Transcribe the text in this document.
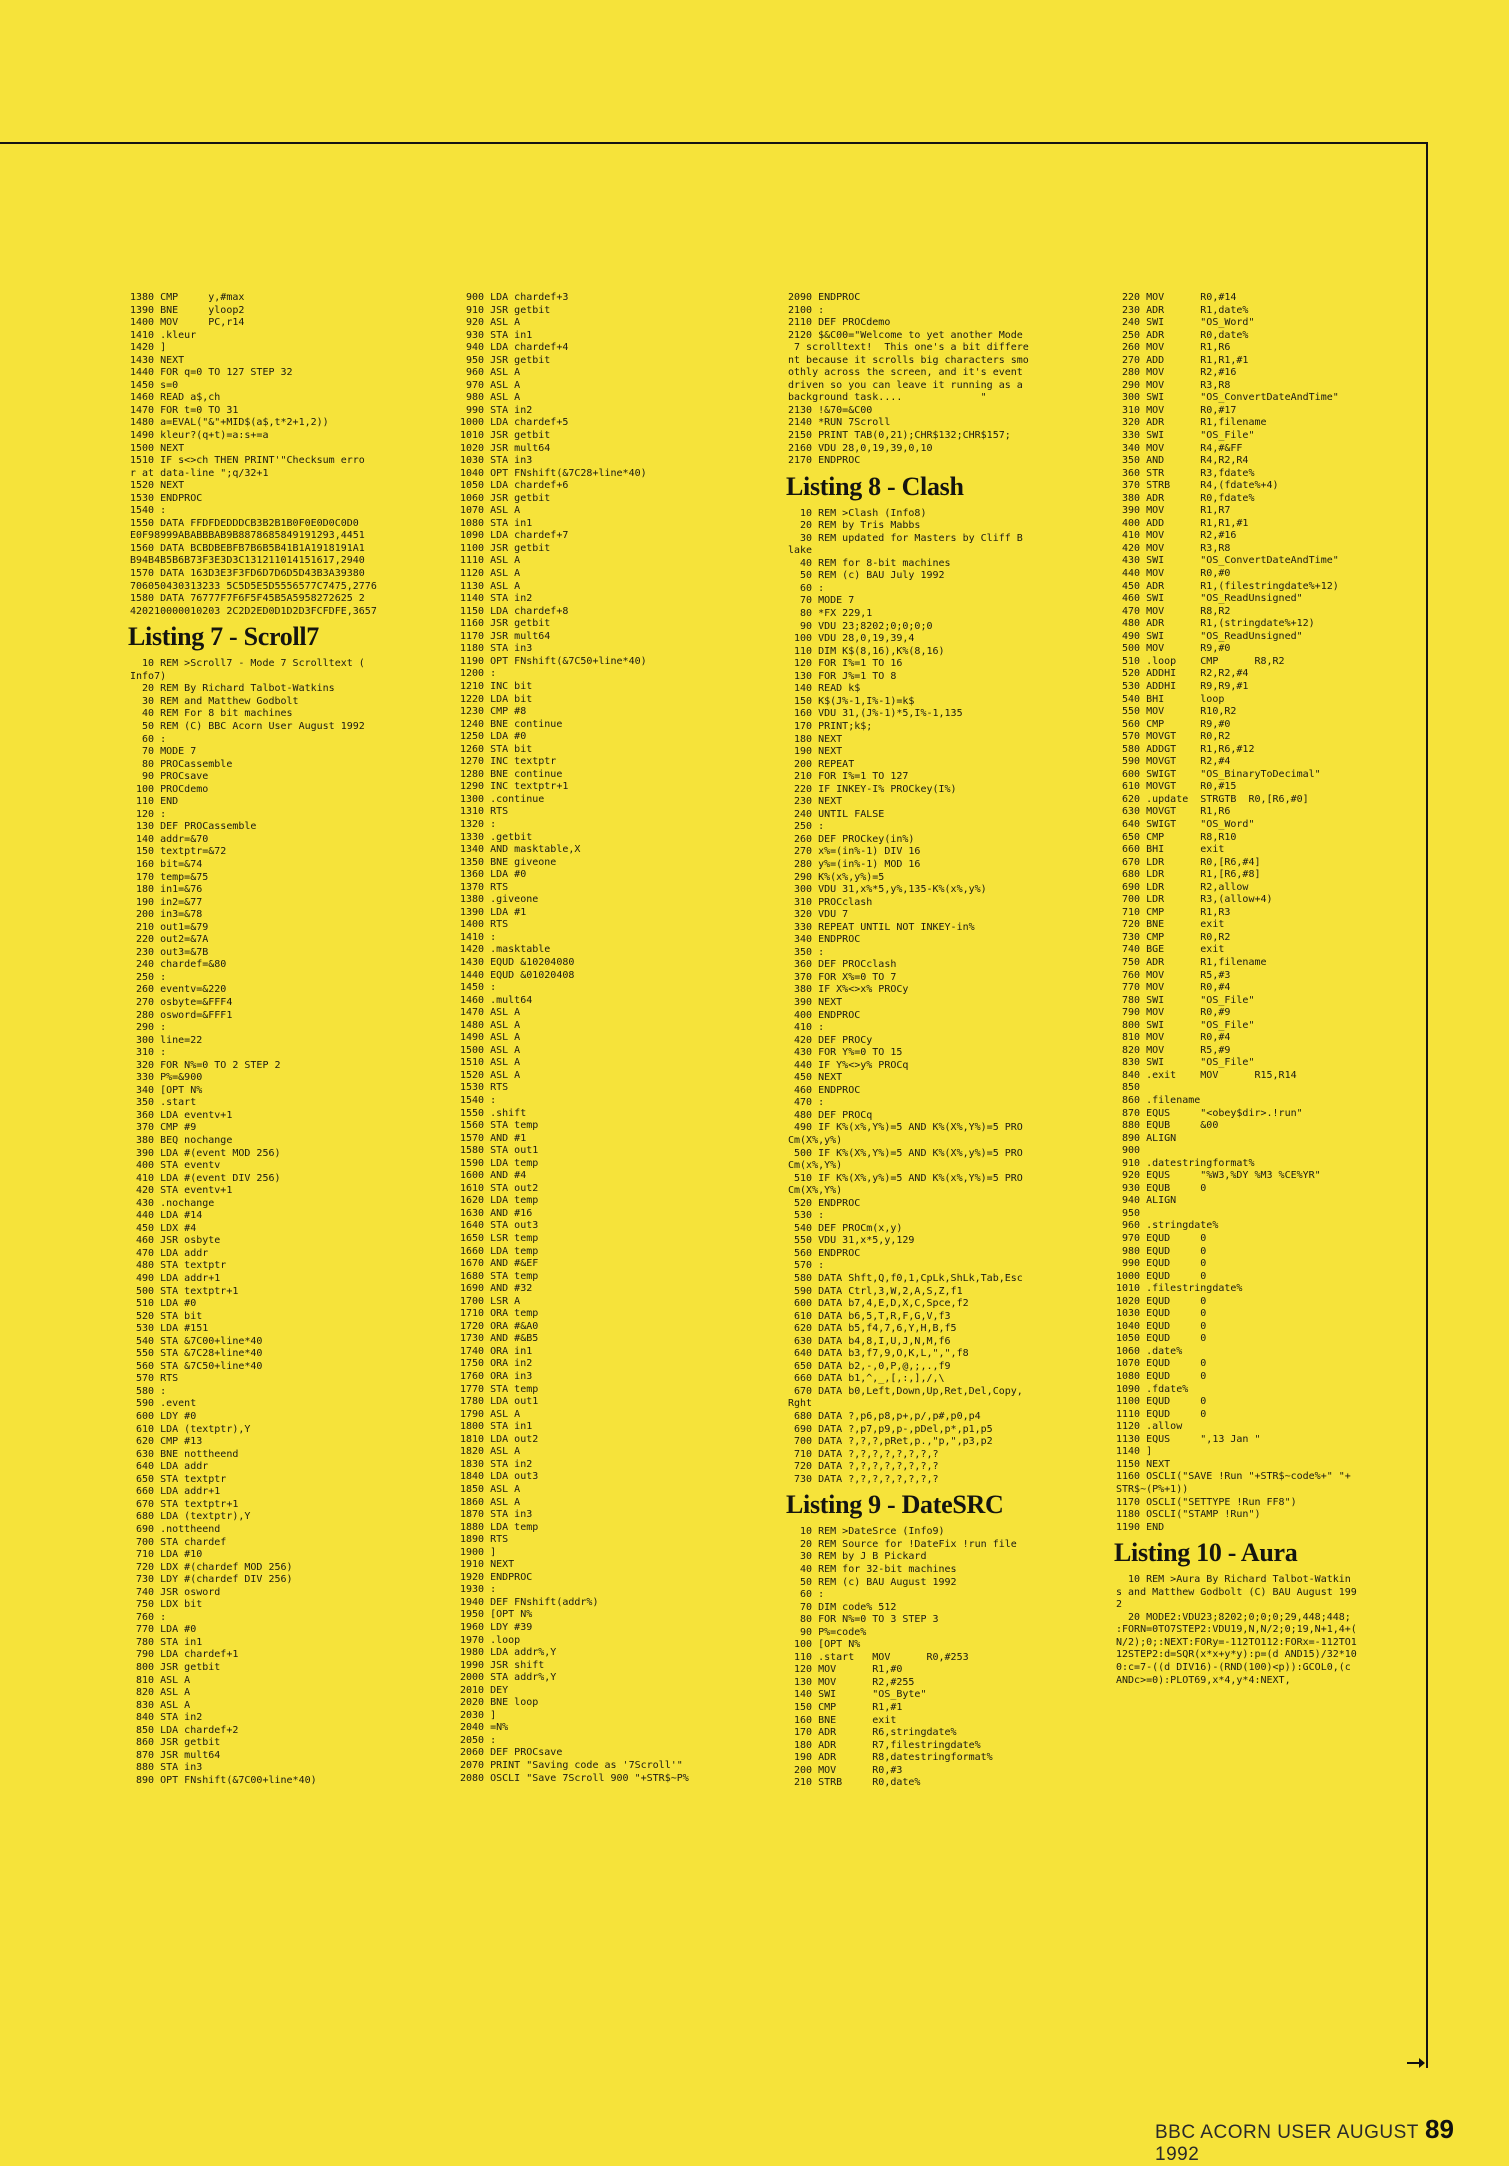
1380 CMP     y,#max
1390 BNE     yloop2
1400 MOV     PC,r14
1410 .kleur
1420 ]
1430 NEXT
1440 FOR q=0 TO 127 STEP 32
1450 s=0
1460 READ a$,ch
1470 FOR t=0 TO 31
1480 a=EVAL("&"+MID$(a$,t*2+1,2))
1490 kleur?(q+t)=a:s+=a
1500 NEXT
1510 IF s<>ch THEN PRINT'"Checksum erro
r at data-line ";q/32+1
1520 NEXT
1530 ENDPROC
1540 :
1550 DATA FFDFDEDDDCB3B2B1B0F0E0D0C0D0
E0F98999ABABBBAB9B8878685849191293,4451
1560 DATA BCBDBEBFB7B6B5B41B1A1918191A1
B94B4B5B6B73F3E3D3C131211014151617,2940
1570 DATA 163D3E3F3FD6D7D6D5D43B3A39380
706050430313233 5C5D5E5D5556577C7475,2776
1580 DATA 76777F7F6F5F45B5A5958272625 2
420210000010203 2C2D2ED0D1D2D3FCFDFE,3657
Listing 7 - Scroll7
10 REM >Scroll7 - Mode 7 Scrolltext (
Info7)
20 REM By Richard Talbot-Watkins
30 REM and Matthew Godbolt
40 REM For 8 bit machines
50 REM (C) BBC Acorn User August 1992
60 :
70 MODE 7
80 PROCassemble
90 PROCsave
100 PROCdemo
110 END
120 :
130 DEF PROCassemble
140 addr=&70
150 textptr=&72
160 bit=&74
170 temp=&75
180 in1=&76
190 in2=&77
200 in3=&78
210 out1=&79
220 out2=&7A
230 out3=&7B
240 chardef=&80
250 :
260 eventv=&220
270 osbyte=&FFF4
280 osword=&FFF1
290 :
300 line=22
310 :
320 FOR N%=0 TO 2 STEP 2
330 P%=&900
340 [OPT N%
350 .start
360 LDA eventv+1
370 CMP #9
380 BEQ nochange
390 LDA #(event MOD 256)
400 STA eventv
410 LDA #(event DIV 256)
420 STA eventv+1
430 .nochange
440 LDA #14
450 LDX #4
460 JSR osbyte
470 LDA addr
480 STA textptr
490 LDA addr+1
500 STA textptr+1
510 LDA #0
520 STA bit
530 LDA #151
540 STA &7C00+line*40
550 STA &7C28+line*40
560 STA &7C50+line*40
570 RTS
580 :
590 .event
600 LDY #0
610 LDA (textptr),Y
620 CMP #13
630 BNE nottheend
640 LDA addr
650 STA textptr
660 LDA addr+1
670 STA textptr+1
680 LDA (textptr),Y
690 .nottheend
700 STA chardef
710 LDA #10
720 LDX #(chardef MOD 256)
730 LDY #(chardef DIV 256)
740 JSR osword
750 LDX bit
760 :
770 LDA #0
780 STA in1
790 LDA chardef+1
800 JSR getbit
810 ASL A
820 ASL A
830 ASL A
840 STA in2
850 LDA chardef+2
860 JSR getbit
870 JSR mult64
880 STA in3
890 OPT FNshift(&7C00+line*40)
900 LDA chardef+3
910 JSR getbit
920 ASL A
930 STA in1
940 LDA chardef+4
950 JSR getbit
960 ASL A
970 ASL A
980 ASL A
990 STA in2
1000 LDA chardef+5
1010 JSR getbit
1020 JSR mult64
1030 STA in3
1040 OPT FNshift(&7C28+line*40)
1050 LDA chardef+6
1060 JSR getbit
1070 ASL A
1080 STA in1
1090 LDA chardef+7
1100 JSR getbit
1110 ASL A
1120 ASL A
1130 ASL A
1140 STA in2
1150 LDA chardef+8
1160 JSR getbit
1170 JSR mult64
1180 STA in3
1190 OPT FNshift(&7C50+line*40)
1200 :
1210 INC bit
1220 LDA bit
1230 CMP #8
1240 BNE continue
1250 LDA #0
1260 STA bit
1270 INC textptr
1280 BNE continue
1290 INC textptr+1
1300 .continue
1310 RTS
1320 :
1330 .getbit
1340 AND masktable,X
1350 BNE giveone
1360 LDA #0
1370 RTS
1380 .giveone
1390 LDA #1
1400 RTS
1410 :
1420 .masktable
1430 EQUD &10204080
1440 EQUD &01020408
1450 :
1460 .mult64
1470 ASL A
1480 ASL A
1490 ASL A
1500 ASL A
1510 ASL A
1520 ASL A
1530 RTS
1540 :
1550 .shift
1560 STA temp
1570 AND #1
1580 STA out1
1590 LDA temp
1600 AND #4
1610 STA out2
1620 LDA temp
1630 AND #16
1640 STA out3
1650 LSR temp
1660 LDA temp
1670 AND #&EF
1680 STA temp
1690 AND #32
1700 LSR A
1710 ORA temp
1720 ORA #&A0
1730 AND #&B5
1740 ORA in1
1750 ORA in2
1760 ORA in3
1770 STA temp
1780 LDA out1
1790 ASL A
1800 STA in1
1810 LDA out2
1820 ASL A
1830 STA in2
1840 LDA out3
1850 ASL A
1860 ASL A
1870 STA in3
1880 LDA temp
1890 RTS
1900 ]
1910 NEXT
1920 ENDPROC
1930 :
1940 DEF FNshift(addr%)
1950 [OPT N%
1960 LDY #39
1970 .loop
1980 LDA addr%,Y
1990 JSR shift
2000 STA addr%,Y
2010 DEY
2020 BNE loop
2030 ]
2040 =N%
2050 :
2060 DEF PROCsave
2070 PRINT "Saving code as '7Scroll'"
2080 OSCLI "Save 7Scroll 900 "+STR$~P%
2090 ENDPROC
2100 :
2110 DEF PROCdemo
2120 $&C00="Welcome to yet another Mode
7 scrolltext!  This one's a bit differe
nt because it scrolls big characters smo
othly across the screen, and it's event
driven so you can leave it running as a
background task....             "
2130 !&70=&C00
2140 *RUN 7Scroll
2150 PRINT TAB(0,21);CHR$132;CHR$157;
2160 VDU 28,0,19,39,0,10
2170 ENDPROC
Listing 8 - Clash
10 REM >Clash (Info8)
20 REM by Tris Mabbs
30 REM updated for Masters by Cliff B
lake
40 REM for 8-bit machines
50 REM (c) BAU July 1992
60 :
70 MODE 7
80 *FX 229,1
90 VDU 23;8202;0;0;0;0
100 VDU 28,0,19,39,4
110 DIM K$(8,16),K%(8,16)
120 FOR I%=1 TO 16
130 FOR J%=1 TO 8
140 READ k$
150 K$(J%-1,I%-1)=k$
160 VDU 31,(J%-1)*5,I%-1,135
170 PRINT;k$;
180 NEXT
190 NEXT
200 REPEAT
210 FOR I%=1 TO 127
220 IF INKEY-I% PROCkey(I%)
230 NEXT
240 UNTIL FALSE
250 :
260 DEF PROCkey(in%)
270 x%=(in%-1) DIV 16
280 y%=(in%-1) MOD 16
290 K%(x%,y%)=5
300 VDU 31,x%*5,y%,135-K%(x%,y%)
310 PROCclash
320 VDU 7
330 REPEAT UNTIL NOT INKEY-in%
340 ENDPROC
350 :
360 DEF PROCclash
370 FOR X%=0 TO 7
380 IF X%<>x% PROCy
390 NEXT
400 ENDPROC
410 :
420 DEF PROCy
430 FOR Y%=0 TO 15
440 IF Y%<>y% PROCq
450 NEXT
460 ENDPROC
470 :
480 DEF PROCq
490 IF K%(x%,Y%)=5 AND K%(X%,Y%)=5 PRO
Cm(X%,y%)
500 IF K%(X%,Y%)=5 AND K%(X%,y%)=5 PRO
Cm(x%,Y%)
510 IF K%(X%,y%)=5 AND K%(x%,Y%)=5 PRO
Cm(X%,Y%)
520 ENDPROC
530 :
540 DEF PROCm(x,y)
550 VDU 31,x*5,y,129
560 ENDPROC
570 :
580 DATA Shft,Q,f0,1,CpLk,ShLk,Tab,Esc
590 DATA Ctrl,3,W,2,A,S,Z,f1
600 DATA b7,4,E,D,X,C,Spce,f2
610 DATA b6,5,T,R,F,G,V,f3
620 DATA b5,f4,7,6,Y,H,B,f5
630 DATA b4,8,I,U,J,N,M,f6
640 DATA b3,f7,9,O,K,L,",",f8
650 DATA b2,-,0,P,@,;,.,f9
660 DATA b1,^,_,[,:,],/,\
670 DATA b0,Left,Down,Up,Ret,Del,Copy,
Rght
680 DATA ?,p6,p8,p+,p/,p#,p0,p4
690 DATA ?,p7,p9,p-,pDel,p*,p1,p5
700 DATA ?,?,?,pRet,p.,"p,",p3,p2
710 DATA ?,?,?,?,?,?,?,?
720 DATA ?,?,?,?,?,?,?,?
730 DATA ?,?,?,?,?,?,?,?
Listing 9 - DateSRC
10 REM >DateSrce (Info9)
20 REM Source for !DateFix !run file
30 REM by J B Pickard
40 REM for 32-bit machines
50 REM (c) BAU August 1992
60 :
70 DIM code% 512
80 FOR N%=0 TO 3 STEP 3
90 P%=code%
100 [OPT N%
110 .start   MOV      R0,#253
120 MOV      R1,#0
130 MOV      R2,#255
140 SWI      "OS_Byte"
150 CMP      R1,#1
160 BNE      exit
170 ADR      R6,stringdate%
180 ADR      R7,filestringdate%
190 ADR      R8,datestringformat%
200 MOV      R0,#3
210 STRB     R0,date%
220 MOV      R0,#14
230 ADR      R1,date%
240 SWI      "OS_Word"
250 ADR      R0,date%
260 MOV      R1,R6
270 ADD      R1,R1,#1
280 MOV      R2,#16
290 MOV      R3,R8
300 SWI      "OS_ConvertDateAndTime"
310 MOV      R0,#17
320 ADR      R1,filename
330 SWI      "OS_File"
340 MOV      R4,#&FF
350 AND      R4,R2,R4
360 STR      R3,fdate%
370 STRB     R4,(fdate%+4)
380 ADR      R0,fdate%
390 MOV      R1,R7
400 ADD      R1,R1,#1
410 MOV      R2,#16
420 MOV      R3,R8
430 SWI      "OS_ConvertDateAndTime"
440 MOV      R0,#0
450 ADR      R1,(filestringdate%+12)
460 SWI      "OS_ReadUnsigned"
470 MOV      R8,R2
480 ADR      R1,(stringdate%+12)
490 SWI      "OS_ReadUnsigned"
500 MOV      R9,#0
510 .loop    CMP      R8,R2
520 ADDHI    R2,R2,#4
530 ADDHI    R9,R9,#1
540 BHI      loop
550 MOV      R10,R2
560 CMP      R9,#0
570 MOVGT    R0,R2
580 ADDGT    R1,R6,#12
590 MOVGT    R2,#4
600 SWIGT    "OS_BinaryToDecimal"
610 MOVGT    R0,#15
620 .update  STRGTB  R0,[R6,#0]
630 MOVGT    R1,R6
640 SWIGT    "OS_Word"
650 CMP      R8,R10
660 BHI      exit
670 LDR      R0,[R6,#4]
680 LDR      R1,[R6,#8]
690 LDR      R2,allow
700 LDR      R3,(allow+4)
710 CMP      R1,R3
720 BNE      exit
730 CMP      R0,R2
740 BGE      exit
750 ADR      R1,filename
760 MOV      R5,#3
770 MOV      R0,#4
780 SWI      "OS_File"
790 MOV      R0,#9
800 SWI      "OS_File"
810 MOV      R0,#4
820 MOV      R5,#9
830 SWI      "OS_File"
840 .exit    MOV      R15,R14
850
860 .filename
870 EQUS     "<obey$dir>.!run"
880 EQUB     &00
890 ALIGN
900
910 .datestringformat%
920 EQUS     "%W3,%DY %M3 %CE%YR"
930 EQUB     0
940 ALIGN
950
960 .stringdate%
970 EQUD     0
980 EQUD     0
990 EQUD     0
1000 EQUD     0
1010 .filestringdate%
1020 EQUD     0
1030 EQUD     0
1040 EQUD     0
1050 EQUD     0
1060 .date%
1070 EQUD     0
1080 EQUD     0
1090 .fdate%
1100 EQUD     0
1110 EQUD     0
1120 .allow
1130 EQUS     ",13 Jan "
1140 ]
1150 NEXT
1160 OSCLI("SAVE !Run "+STR$~code%+" "+
STR$~(P%+1))
1170 OSCLI("SETTYPE !Run FF8")
1180 OSCLI("STAMP !Run")
1190 END
Listing 10 - Aura
10 REM >Aura By Richard Talbot-Watkin
s and Matthew Godbolt (C) BAU August 199
2
20 MODE2:VDU23;8202;0;0;0;29,448;448;
:FORN=0TO7STEP2:VDU19,N,N/2;0;19,N+1,4+(
N/2);0;:NEXT:FORy=-112TO112:FORx=-112TO1
12STEP2:d=SQR(x*x+y*y):p=(d AND15)/32*10
0:c=7-((d DIV16)-(RND(100)<p)):GCOL0,(c
ANDc>=0):PLOT69,x*4,y*4:NEXT,
BBC ACORN USER AUGUST 1992
89
